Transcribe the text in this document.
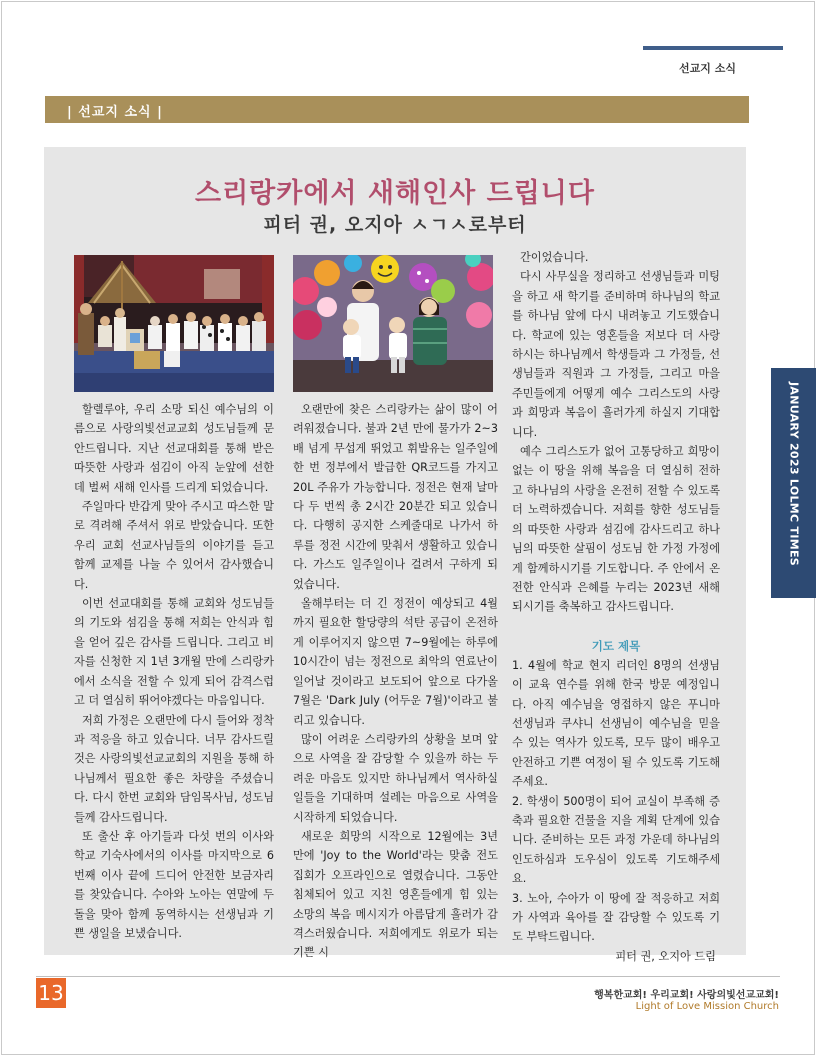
선교지 소식
| 선교지 소식 |
스리랑카에서 새해인사 드립니다
피터 권, 오지아 ㅅㄱㅅ로부터

할렐루야, 우리 소망 되신 예수님의 이름으로 사랑의빛선교교회 성도님들께 문안드립니다. 지난 선교대회를 통해 받은 따뜻한 사랑과 섬김이 아직 눈앞에 선한데 벌써 새해 인사를 드리게 되었습니다.

주일마다 반갑게 맞아 주시고 따스한 말로 격려해 주셔서 위로 받았습니다. 또한 우리 교회 선교사님들의 이야기를 듣고 함께 교제를 나눌 수 있어서 감사했습니다.

이번 선교대회를 통해 교회와 성도님들의 기도와 섬김을 통해 저희는 안식과 힘을 얻어 깊은 감사를 드립니다. 그리고 비자를 신청한 지 1년 3개월 만에 스리랑카에서 소식을 전할 수 있게 되어 감격스럽고 더 열심히 뛰어야겠다는 마음입니다.

저희 가정은 오랜만에 다시 들어와 정착과 적응을 하고 있습니다. 너무 감사드릴 것은 사랑의빛선교교회의 지원을 통해 하나님께서 필요한 좋은 차량을 주셨습니다. 다시 한번 교회와 담임목사님, 성도님들께 감사드립니다.

또 출산 후 아기들과 다섯 번의 이사와 학교 기숙사에서의 이사를 마지막으로 6번째 이사 끝에 드디어 안전한 보금자리를 찾았습니다. 수아와 노아는 연말에 두 돌을 맞아 함께 동역하시는 선생님과 기쁜 생일을 보냈습니다.

오랜만에 찾은 스리랑카는 삶이 많이 어려워졌습니다. 불과 2년 만에 물가가 2~3배 넘게 무섭게 뛰었고 휘발유는 일주일에 한 번 정부에서 발급한 QR코드를 가지고 20L 주유가 가능합니다. 정전은 현재 날마다 두 번씩 총 2시간 20분간 되고 있습니다. 다행히 공지한 스케줄대로 나가서 하루를 정전 시간에 맞춰서 생활하고 있습니다. 가스도 일주일이나 걸려서 구하게 되었습니다.

올해부터는 더 긴 정전이 예상되고 4월까지 필요한 할당량의 석탄 공급이 온전하게 이루어지지 않으면 7~9월에는 하루에 10시간이 넘는 정전으로 최악의 연료난이 일어날 것이라고 보도되어 앞으로 다가올 7월은 'Dark July (어두운 7월)'이라고 불리고 있습니다.

많이 어려운 스리랑카의 상황을 보며 앞으로 사역을 잘 감당할 수 있을까 하는 두려운 마음도 있지만 하나님께서 역사하실 일들을 기대하며 설레는 마음으로 사역을 시작하게 되었습니다.

새로운 희망의 시작으로 12월에는 3년 만에 'Joy to the World'라는 맞춤 전도 집회가 오프라인으로 열렸습니다. 그동안 침체되어 있고 지친 영혼들에게 힘 있는 소망의 복음 메시지가 아름답게 흘러가 감격스러웠습니다. 저희에게도 위로가 되는 기쁜 시

간이었습니다.

다시 사무실을 정리하고 선생님들과 미팅을 하고 새 학기를 준비하며 하나님의 학교를 하나님 앞에 다시 내려놓고 기도했습니다. 학교에 있는 영혼들을 저보다 더 사랑하시는 하나님께서 학생들과 그 가정들, 선생님들과 직원과 그 가정들, 그리고 마을 주민들에게 어떻게 예수 그리스도의 사랑과 희망과 복음이 흘러가게 하실지 기대합니다.

예수 그리스도가 없어 고통당하고 희망이 없는 이 땅을 위해 복음을 더 열심히 전하고 하나님의 사랑을 온전히 전할 수 있도록 더 노력하겠습니다. 저희를 향한 성도님들의 따뜻한 사랑과 섬김에 감사드리고 하나님의 따뜻한 살핌이 성도님 한 가정 가정에게 함께하시기를 기도합니다. 주 안에서 온전한 안식과 은혜를 누리는 2023년 새해 되시기를 축복하고 감사드립니다.

기도 제목

1. 4월에 학교 현지 리더인 8명의 선생님이 교육 연수를 위해 한국 방문 예정입니다. 아직 예수님을 영접하지 않은 푸니마 선생님과 쿠샤니 선생님이 예수님을 믿을 수 있는 역사가 있도록, 모두 많이 배우고 안전하고 기쁜 여정이 될 수 있도록 기도해주세요.

2. 학생이 500명이 되어 교실이 부족해 증축과 필요한 건물을 지을 계획 단계에 있습니다. 준비하는 모든 과정 가운데 하나님의 인도하심과 도우심이 있도록 기도해주세요.

3. 노아, 수아가 이 땅에 잘 적응하고 저희가 사역과 육아를 잘 감당할 수 있도록 기도 부탁드립니다.

피터 권, 오지아 드림

JANUARY 2023 LOLMC TIMES
13	행복한교회! 우리교회! 사랑의빛선교교회!
Light of Love Mission Church
